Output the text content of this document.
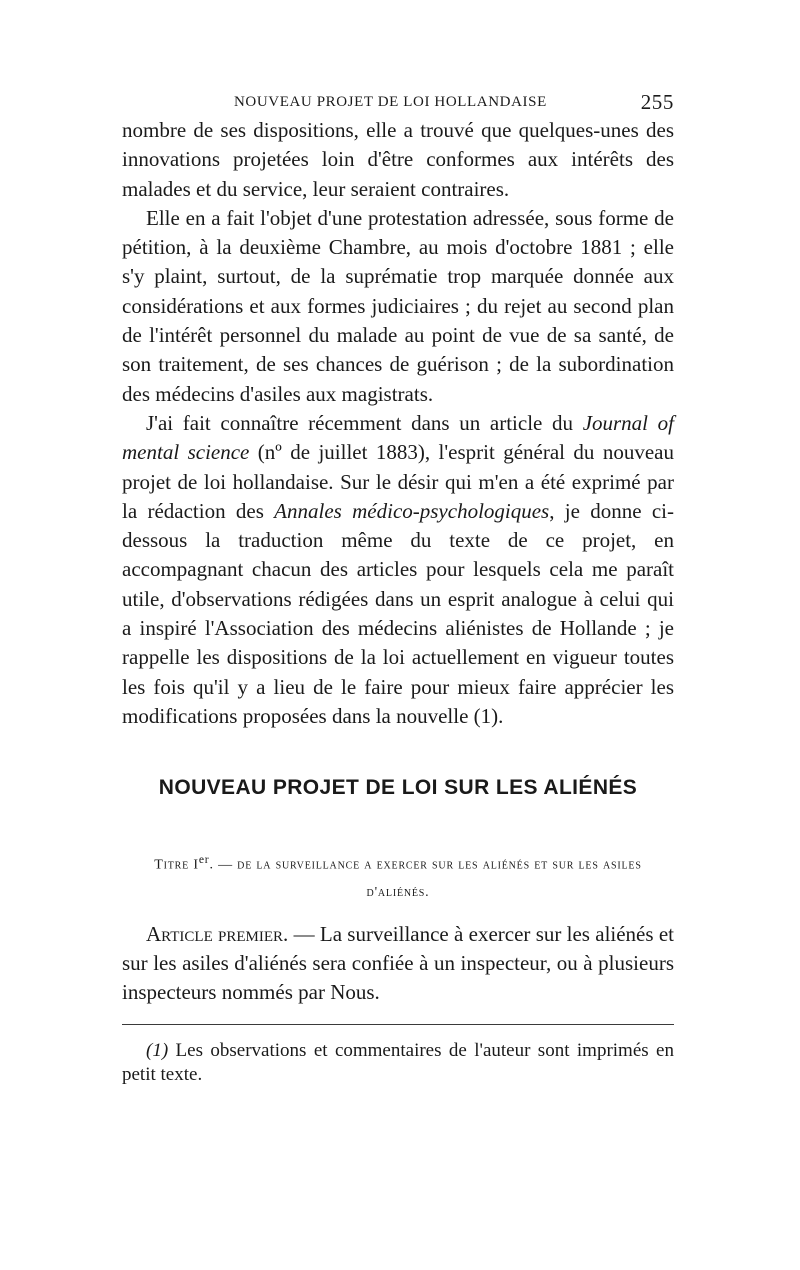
NOUVEAU PROJET DE LOI HOLLANDAISE	255

nombre de ses dispositions, elle a trouvé que quelques-unes des innovations projetées loin d'être conformes aux intérêts des malades et du service, leur seraient contraires.

Elle en a fait l'objet d'une protestation adressée, sous forme de pétition, à la deuxième Chambre, au mois d'octobre 1881 ; elle s'y plaint, surtout, de la suprématie trop marquée donnée aux considérations et aux formes judiciaires ; du rejet au second plan de l'intérêt personnel du malade au point de vue de sa santé, de son traitement, de ses chances de guérison ; de la subordination des médecins d'asiles aux magistrats.

J'ai fait connaître récemment dans un article du Journal of mental science (nº de juillet 1883), l'esprit général du nouveau projet de loi hollandaise. Sur le désir qui m'en a été exprimé par la rédaction des Annales médico-psychologiques, je donne ci-dessous la traduction même du texte de ce projet, en accompagnant chacun des articles pour lesquels cela me paraît utile, d'observations rédigées dans un esprit analogue à celui qui a inspiré l'Association des médecins aliénistes de Hollande ; je rappelle les dispositions de la loi actuellement en vigueur toutes les fois qu'il y a lieu de le faire pour mieux faire apprécier les modifications proposées dans la nouvelle (1).

NOUVEAU PROJET DE LOI SUR LES ALIÉNÉS
Titre Ier. — de la surveillance a exercer sur les aliénés et sur les asiles d'aliénés.
Article premier. — La surveillance à exercer sur les aliénés et sur les asiles d'aliénés sera confiée à un inspecteur, ou à plusieurs inspecteurs nommés par Nous.
(1) Les observations et commentaires de l'auteur sont imprimés en petit texte.
